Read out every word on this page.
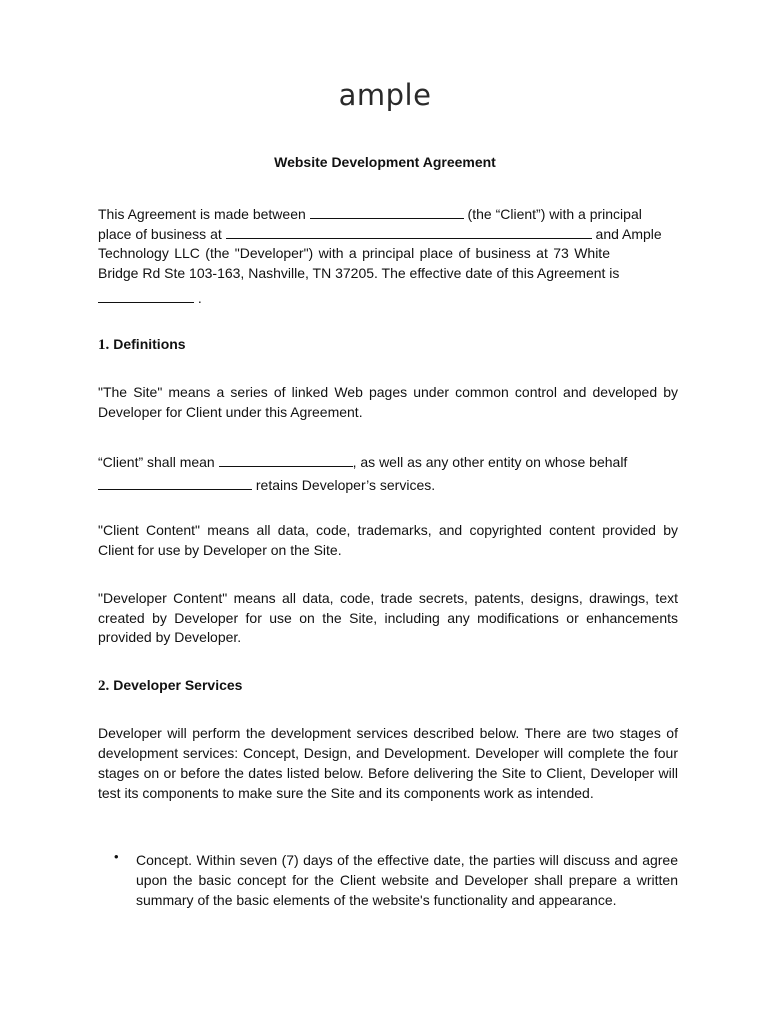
ample
Website Development Agreement
This Agreement is made between	(the “Client”) with a principal
place of business at	and Ample
Technology LLC (the "Developer") with a principal place of business at 73 White
Bridge Rd Ste 103-163, Nashville, TN 37205. The effective date of this Agreement is
.
1. Definitions
"The Site" means a series of linked Web pages under common control and developed by Developer for Client under this Agreement.
“Client” shall mean	, as well as any other entity on whose behalf
retains Developer’s services.
"Client Content" means all data, code, trademarks, and copyrighted content provided by Client for use by Developer on the Site.
"Developer Content" means all data, code, trade secrets, patents, designs, drawings, text created by Developer for use on the Site, including any modifications or enhancements provided by Developer.
2. Developer Services
Developer will perform the development services described below. There are two stages of development services: Concept, Design, and Development. Developer will complete the four stages on or before the dates listed below. Before delivering the Site to Client, Developer will test its components to make sure the Site and its components work as intended.
• Concept. Within seven (7) days of the effective date, the parties will discuss and agree upon the basic concept for the Client website and Developer shall prepare a written summary of the basic elements of the website's functionality and appearance.
